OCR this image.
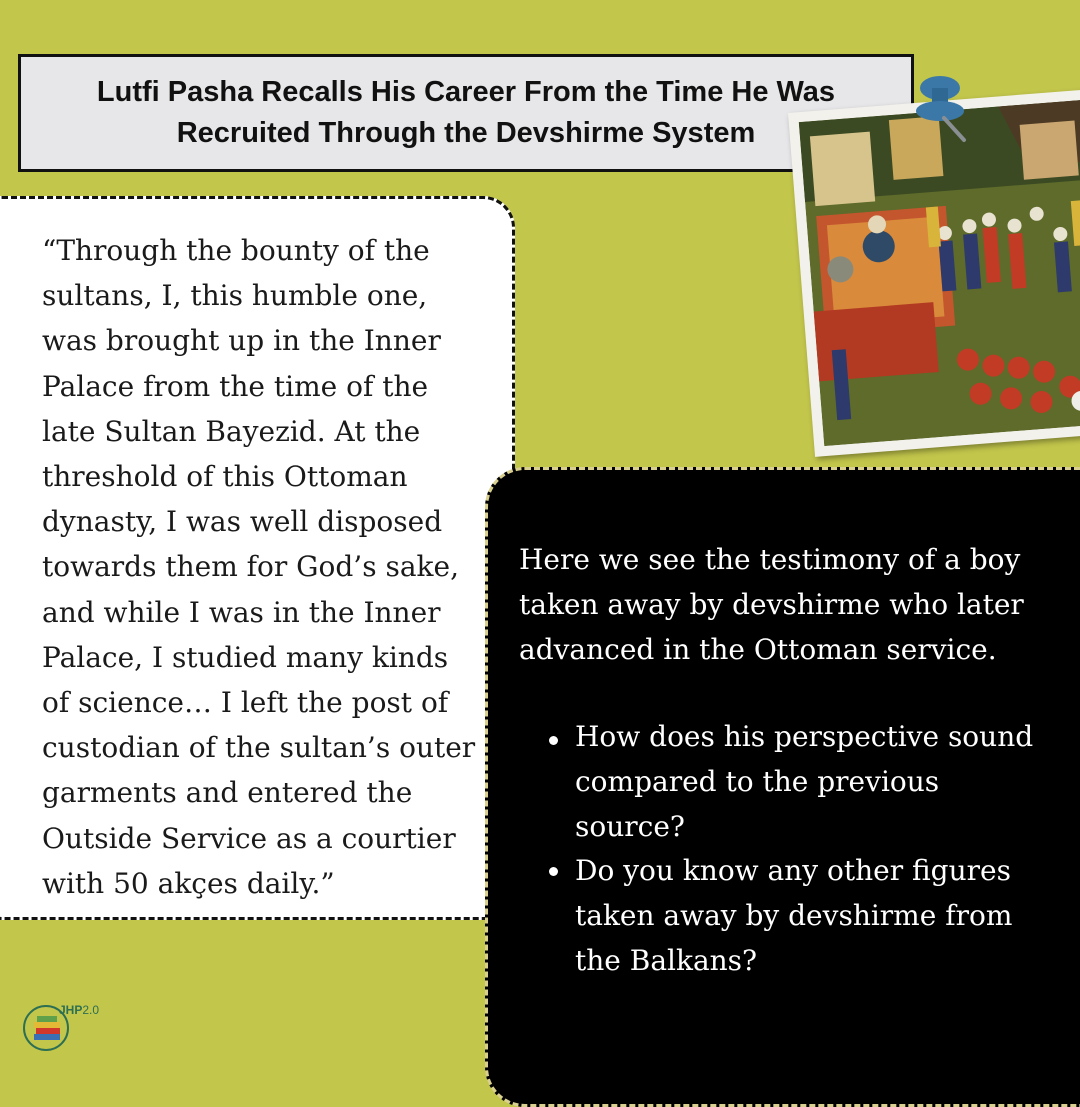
Lutfi Pasha Recalls His Career From the Time He Was
Recruited Through the Devshirme System

“Through the bounty of the sultans, I, this humble one, was brought up in the Inner Palace from the time of the late Sultan Bayezid. At the threshold of this Ottoman dynasty, I was well disposed towards them for God’s sake, and while I was in the Inner Palace, I studied many kinds of science… I left the post of custodian of the sultan’s outer garments and entered the Outside Service as a courtier with 50 akçes daily.”

Here we see the testimony of a boy taken away by devshirme who later advanced in the Ottoman service.

How does his perspective sound compared to the previous source?

Do you know any other figures taken away by devshirme from the Balkans?

JHP2.0
